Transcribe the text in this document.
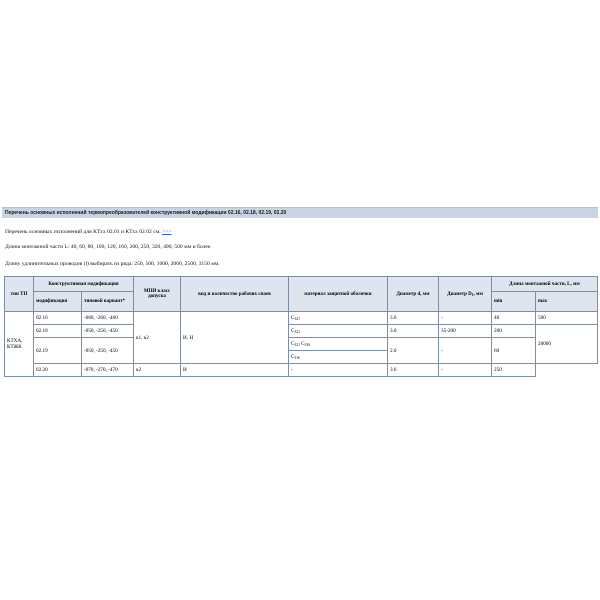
Перечень основных исполнений термопреобразователей конструктивной модификации 02.16, 02.18, 02.19, 02.20
Перечень основных исполнений для КТхх 02.01 и КТхх 02.02 см. >>>
Длина монтажной части L: 40, 60, 80, 100, 120, 160, 200, 250, 320, 400, 500 мм и более.
Длину удлинительных проводов (l) выбирать из ряда: 250, 500, 1000, 2000, 2500, 3150 мм.
тип ТП	Конструктивная модификация		МПИ класс допуска	вид и количество рабочих спаев	материал защитной оболочки	Диаметр d, мм	Диаметр $D_1$, мм	Длина монтажной части, L, мм	
	модификация	типовой вариант*						min	max
КТХА, КТЖК	02.16	-060, -260, -460	к1, к2	И, Н	$С_{321}$	3.0	-	40	500
	02.18	-050, -250, -450			$С_{321}$	3.0	35-200	200	20000
	02.19	-050, -250, -450			$С_{321}$ $С_{316}$	2.0	-	60	
					$С_{316}$
	02.20	-070, -270, -470	к2	И	-	3.6	-	250	
